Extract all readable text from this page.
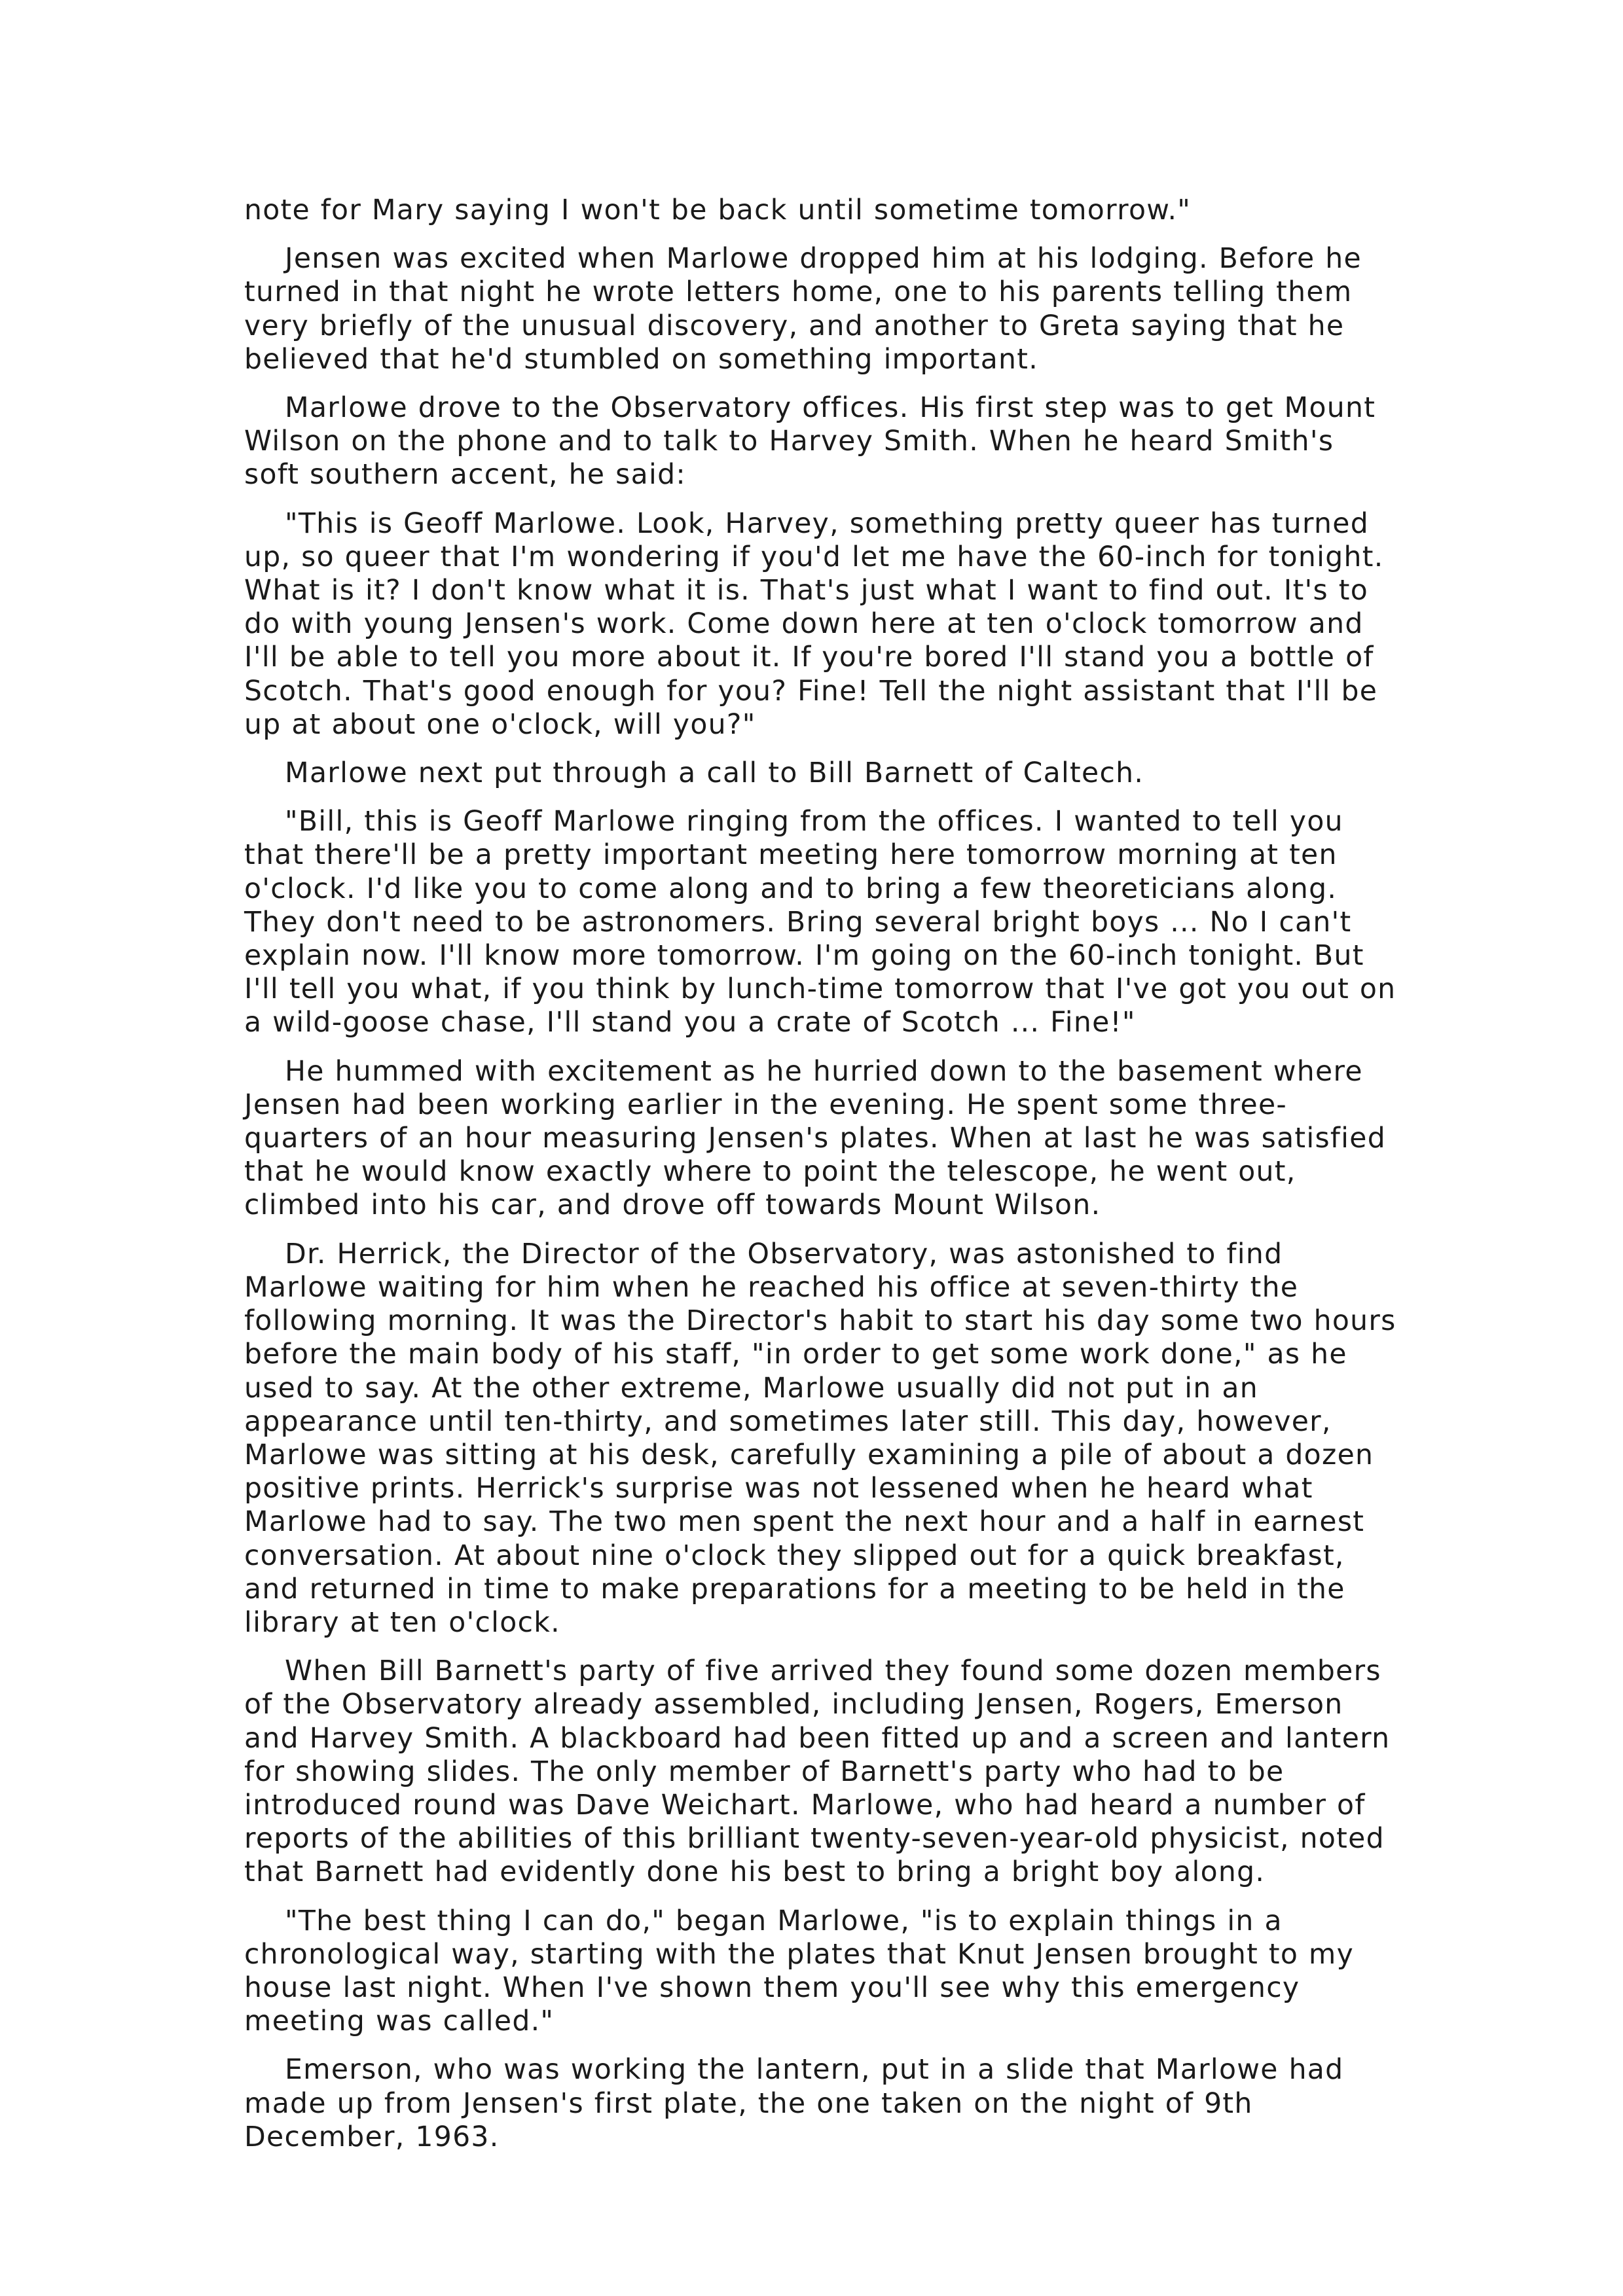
note for Mary saying I won't be back until sometime tomorrow."

Jensen was excited when Marlowe dropped him at his lodging. Before he turned in that night he wrote letters home, one to his parents telling them very briefly of the unusual discovery, and another to Greta saying that he believed that he'd stumbled on something important.

Marlowe drove to the Observatory offices. His first step was to get Mount Wilson on the phone and to talk to Harvey Smith. When he heard Smith's soft southern accent, he said:

"This is Geoff Marlowe. Look, Harvey, something pretty queer has turned up, so queer that I'm wondering if you'd let me have the 60-inch for tonight. What is it? I don't know what it is. That's just what I want to find out. It's to do with young Jensen's work. Come down here at ten o'clock tomorrow and I'll be able to tell you more about it. If you're bored I'll stand you a bottle of Scotch. That's good enough for you? Fine! Tell the night assistant that I'll be up at about one o'clock, will you?"

Marlowe next put through a call to Bill Barnett of Caltech.

"Bill, this is Geoff Marlowe ringing from the offices. I wanted to tell you that there'll be a pretty important meeting here tomorrow morning at ten o'clock. I'd like you to come along and to bring a few theoreticians along. They don't need to be astronomers. Bring several bright boys ... No I can't explain now. I'll know more tomorrow. I'm going on the 60-inch tonight. But I'll tell you what, if you think by lunch-time tomorrow that I've got you out on a wild-goose chase, I'll stand you a crate of Scotch ... Fine!"

He hummed with excitement as he hurried down to the basement where Jensen had been working earlier in the evening. He spent some three-quarters of an hour measuring Jensen's plates. When at last he was satisfied that he would know exactly where to point the telescope, he went out, climbed into his car, and drove off towards Mount Wilson.

Dr. Herrick, the Director of the Observatory, was astonished to find Marlowe waiting for him when he reached his office at seven-thirty the following morning. It was the Director's habit to start his day some two hours before the main body of his staff, "in order to get some work done," as he used to say. At the other extreme, Marlowe usually did not put in an appearance until ten-thirty, and sometimes later still. This day, however, Marlowe was sitting at his desk, carefully examining a pile of about a dozen positive prints. Herrick's surprise was not lessened when he heard what Marlowe had to say. The two men spent the next hour and a half in earnest conversation. At about nine o'clock they slipped out for a quick breakfast, and returned in time to make preparations for a meeting to be held in the library at ten o'clock.

When Bill Barnett's party of five arrived they found some dozen members of the Observatory already assembled, including Jensen, Rogers, Emerson and Harvey Smith. A blackboard had been fitted up and a screen and lantern for showing slides. The only member of Barnett's party who had to be introduced round was Dave Weichart. Marlowe, who had heard a number of reports of the abilities of this brilliant twenty-seven-year-old physicist, noted that Barnett had evidently done his best to bring a bright boy along.

"The best thing I can do," began Marlowe, "is to explain things in a chronological way, starting with the plates that Knut Jensen brought to my house last night. When I've shown them you'll see why this emergency meeting was called."

Emerson, who was working the lantern, put in a slide that Marlowe had made up from Jensen's first plate, the one taken on the night of 9th December, 1963.
